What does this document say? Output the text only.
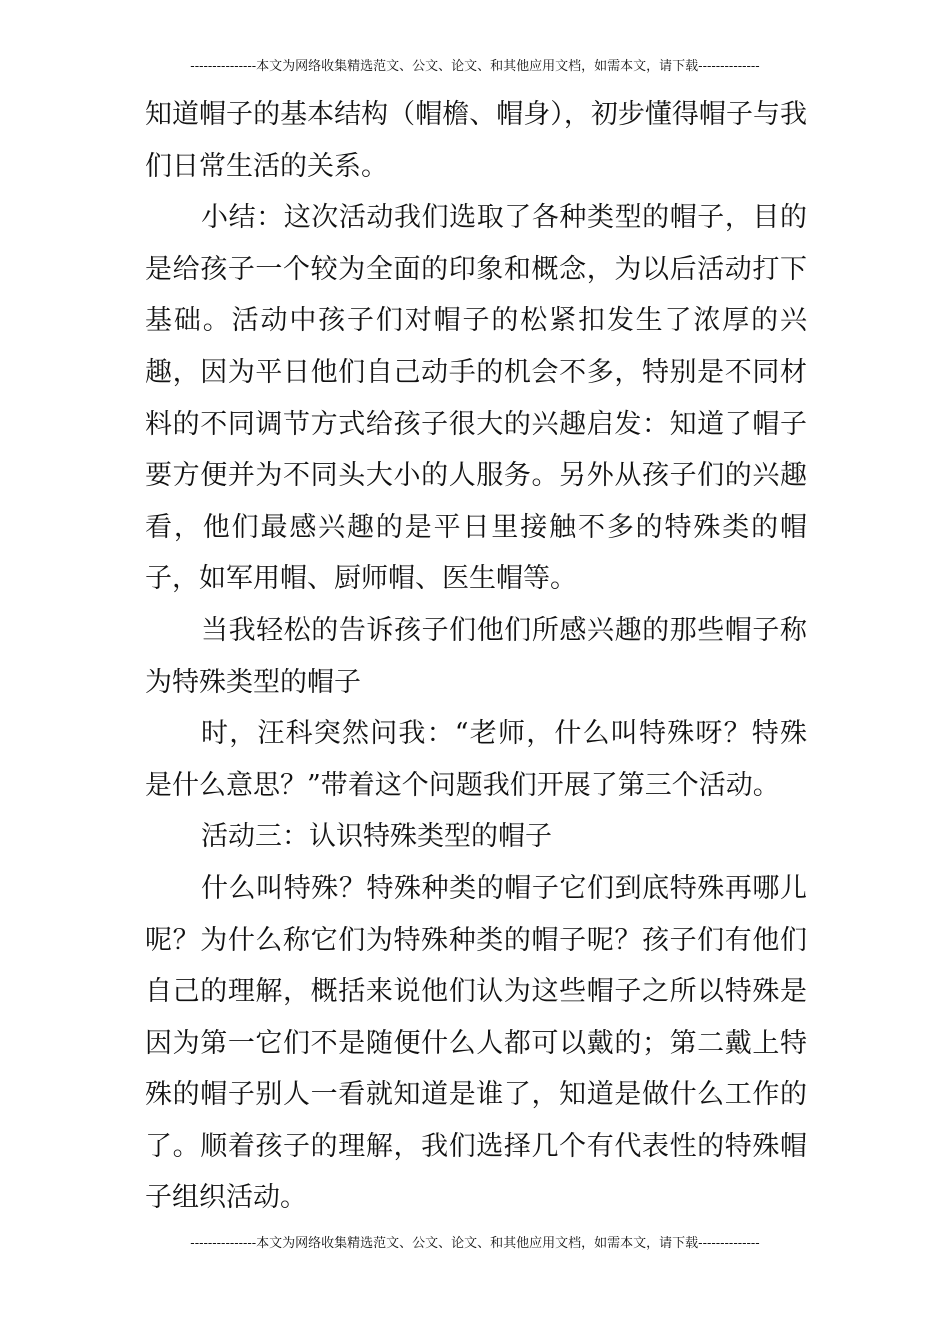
---------------本文为网络收集精选范文、公文、论文、和其他应用文档，如需本文，请下载--------------

知道帽子的基本结构（帽檐、帽身），初步懂得帽子与我们日常生活的关系。

小结：这次活动我们选取了各种类型的帽子，目的是给孩子一个较为全面的印象和概念，为以后活动打下基础。活动中孩子们对帽子的松紧扣发生了浓厚的兴趣，因为平日他们自己动手的机会不多，特别是不同材料的不同调节方式给孩子很大的兴趣启发：知道了帽子要方便并为不同头大小的人服务。另外从孩子们的兴趣看，他们最感兴趣的是平日里接触不多的特殊类的帽子，如军用帽、厨师帽、医生帽等。

当我轻松的告诉孩子们他们所感兴趣的那些帽子称为特殊类型的帽子

时，汪科突然问我：“老师，什么叫特殊呀？特殊是什么意思？”带着这个问题我们开展了第三个活动。

活动三：认识特殊类型的帽子

什么叫特殊？特殊种类的帽子它们到底特殊再哪儿呢？为什么称它们为特殊种类的帽子呢？孩子们有他们自己的理解，概括来说他们认为这些帽子之所以特殊是因为第一它们不是随便什么人都可以戴的；第二戴上特殊的帽子别人一看就知道是谁了，知道是做什么工作的了。顺着孩子的理解，我们选择几个有代表性的特殊帽子组织活动。

---------------本文为网络收集精选范文、公文、论文、和其他应用文档，如需本文，请下载--------------
